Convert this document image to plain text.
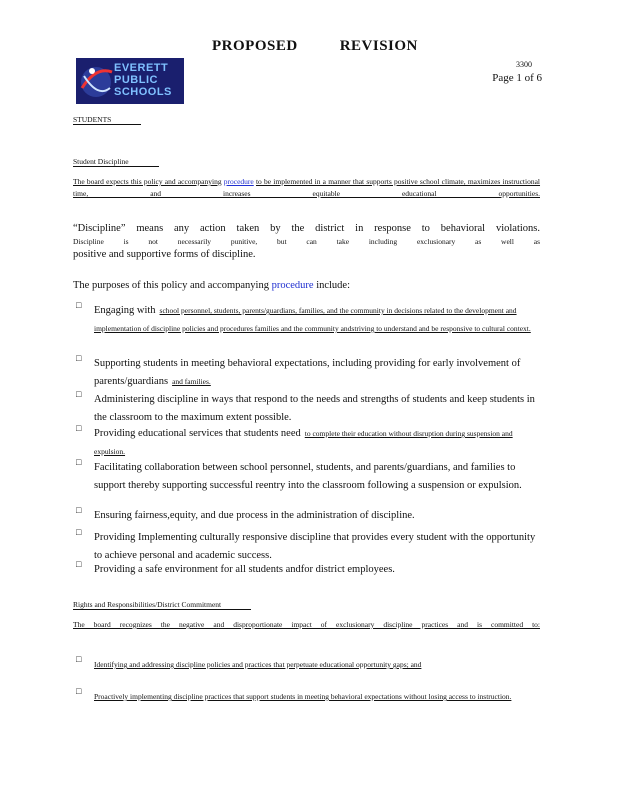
PROPOSED	REVISION
EVERETT
PUBLIC
SCHOOLS
3300
Page 1 of 6
STUDENTS
Student Discipline
The board expects this policy and accompanying procedure to be implemented in a manner that supports positive school climate, maximizes instructional time, and increases equitable educational opportunities.
“Discipline” means any action taken by the district in response to behavioral violations.
Discipline is not necessarily punitive, but can take including exclusionary as well as
positive and supportive forms of discipline.
The purposes of this policy and accompanying procedure include:
□ Engaging with school personnel, students, parents/guardians, families, and the community in decisions related to the development and implementation of discipline policies and procedures families and the community andstriving to understand and be responsive to cultural context.
□ Supporting students in meeting behavioral expectations, including providing for early involvement of parents/guardians and families.
□ Administering discipline in ways that respond to the needs and strengths of students and keep students in the classroom to the maximum extent possible.
□ Providing educational services that students need to complete their education without disruption during suspension and expulsion.
□ Facilitating collaboration between school personnel, students, and parents/guardians, and families to support thereby supporting successful reentry into the classroom following a suspension or expulsion.
□ Ensuring fairness,equity, and due process in the administration of discipline.
□ Providing Implementing culturally responsive discipline that provides every student with the opportunity to achieve personal and academic success.
□ Providing a safe environment for all students andfor district employees.
Rights and Responsibilities/District Commitment
The board recognizes the negative and disproportionate impact of exclusionary discipline practices and is committed to:
□
Identifying and addressing discipline policies and practices that perpetuate educational opportunity gaps; and
□
Proactively implementing discipline practices that support students in meeting behavioral expectations without losing access to instruction.
